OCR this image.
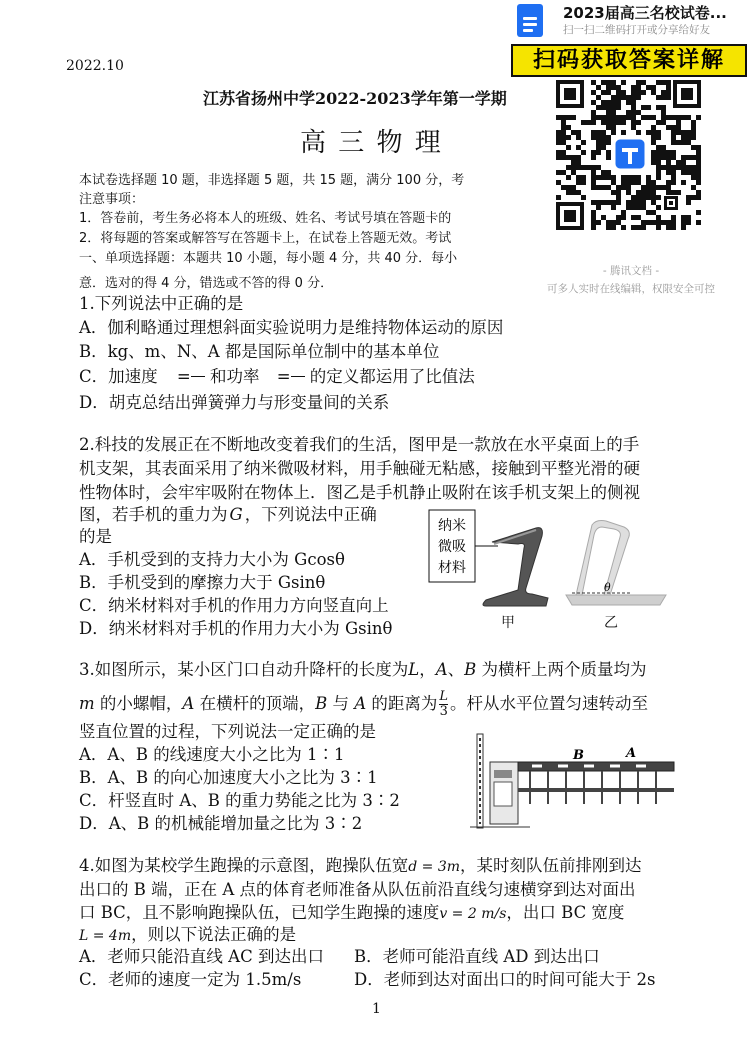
2022.10
江苏省扬州中学2022-2023学年第一学期
高 三 物 理
本试卷选择题 10 题，非选择题 5 题，共 15 题，满分 100 分，考
注意事项：
1．答卷前，考生务必将本人的班级、姓名、考试号填在答题卡的
2．将每题的答案或解答写在答题卡上，在试卷上答题无效。考试
一、单项选择题：本题共 10 小题，每小题 4 分，共 40 分．每小
意．选对的得 4 分，错选或不答的得 0 分．
1.下列说法中正确的是
A．伽利略通过理想斜面实验说明力是维持物体运动的原因
B．kg、m、N、A 都是国际单位制中的基本单位
C．加速度 = 和功率 = 的定义都运用了比值法
D．胡克总结出弹簧弹力与形变量间的关系
2.科技的发展正在不断地改变着我们的生活，图甲是一款放在水平桌面上的手
机支架，其表面采用了纳米微吸材料，用手触碰无粘感，接触到平整光滑的硬
性物体时，会牢牢吸附在物体上．图乙是手机静止吸附在该手机支架上的侧视
图，若手机的重力为 G ，下列说法中正确
的是
A．手机受到的支持力大小为 Gcosθ
B．手机受到的摩擦力大于 Gsinθ
C．纳米材料对手机的作用力方向竖直向上
D．纳米材料对手机的作用力大小为 Gsinθ
纳米
微吸
材料
甲
θ
乙
3.如图所示，某小区门口自动升降杆的长度为L，A、B 为横杆上两个质量均为
m 的小螺帽，A 在横杆的顶端，B 与 A 的距离为 $\frac{L}{3}$ 。杆从水平位置匀速转动至
竖直位置的过程，下列说法一定正确的是
A．A、B 的线速度大小之比为 1∶1
B．A、B 的向心加速度大小之比为 3∶1
C．杆竖直时 A、B 的重力势能之比为 3∶2
D．A、B 的机械能增加量之比为 3∶2
B	A
4.如图为某校学生跑操的示意图，跑操队伍宽d = 3m，某时刻队伍前排刚到达
出口的 B 端，正在 A 点的体育老师准备从队伍前沿直线匀速横穿到达对面出
口 BC，且不影响跑操队伍，已知学生跑操的速度v = 2 m/s，出口 BC 宽度
L = 4m，则以下说法正确的是
A．老师只能沿直线 AC 到达出口 B．老师可能沿直线 AD 到达出口
C．老师的速度一定为 1.5m/s	D．老师到达对面出口的时间可能大于 2s
1
2023届高三名校试卷...
扫一扫二维码打开或分享给好友
扫码获取答案详解
- 腾讯文档 -
可多人实时在线编辑，权限安全可控
